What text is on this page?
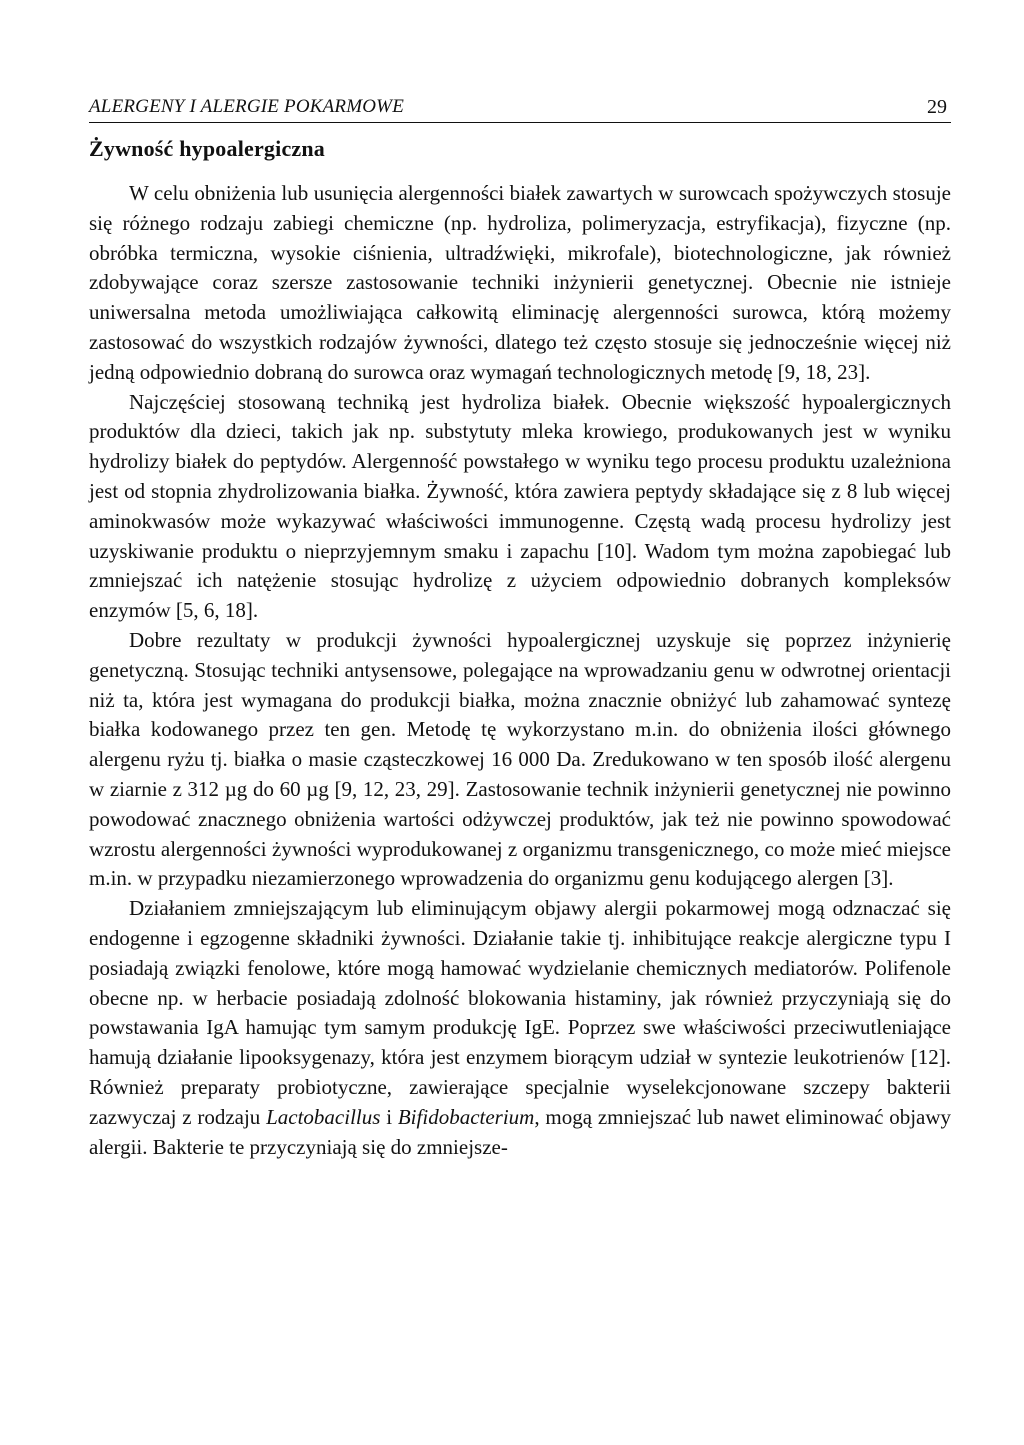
ALERGENY I ALERGIE POKARMOWE	29
Żywność hypoalergiczna

W celu obniżenia lub usunięcia alergenności białek zawartych w surowcach spożywczych stosuje się różnego rodzaju zabiegi chemiczne (np. hydroliza, polimeryzacja, estryfikacja), fizyczne (np. obróbka termiczna, wysokie ciśnienia, ultradźwięki, mikrofale), biotechnologiczne, jak również zdobywające coraz szersze zastosowanie techniki inżynierii genetycznej. Obecnie nie istnieje uniwersalna metoda umożliwiająca całkowitą eliminację alergenności surowca, którą możemy zastosować do wszystkich rodzajów żywności, dlatego też często stosuje się jednocześnie więcej niż jedną odpowiednio dobraną do surowca oraz wymagań technologicznych metodę [9, 18, 23].

Najczęściej stosowaną techniką jest hydroliza białek. Obecnie większość hypoalergicznych produktów dla dzieci, takich jak np. substytuty mleka krowiego, produkowanych jest w wyniku hydrolizy białek do peptydów. Alergenność powstałego w wyniku tego procesu produktu uzależniona jest od stopnia zhydrolizowania białka. Żywność, która zawiera peptydy składające się z 8 lub więcej aminokwasów może wykazywać właściwości immunogenne. Częstą wadą procesu hydrolizy jest uzyskiwanie produktu o nieprzyjemnym smaku i zapachu [10]. Wadom tym można zapobiegać lub zmniejszać ich natężenie stosując hydrolizę z użyciem odpowiednio dobranych kompleksów enzymów [5, 6, 18].

Dobre rezultaty w produkcji żywności hypoalergicznej uzyskuje się poprzez inżynierię genetyczną. Stosując techniki antysensowe, polegające na wprowadzaniu genu w odwrotnej orientacji niż ta, która jest wymagana do produkcji białka, można znacznie obniżyć lub zahamować syntezę białka kodowanego przez ten gen. Metodę tę wykorzystano m.in. do obniżenia ilości głównego alergenu ryżu tj. białka o masie cząsteczkowej 16 000 Da. Zredukowano w ten sposób ilość alergenu w ziarnie z 312 µg do 60 µg [9, 12, 23, 29]. Zastosowanie technik inżynierii genetycznej nie powinno powodować znacznego obniżenia wartości odżywczej produktów, jak też nie powinno spowodować wzrostu alergenności żywności wyprodukowanej z organizmu transgenicznego, co może mieć miejsce m.in. w przypadku niezamierzonego wprowadzenia do organizmu genu kodującego alergen [3].

Działaniem zmniejszającym lub eliminującym objawy alergii pokarmowej mogą odznaczać się endogenne i egzogenne składniki żywności. Działanie takie tj. inhibitujące reakcje alergiczne typu I posiadają związki fenolowe, które mogą hamować wydzielanie chemicznych mediatorów. Polifenole obecne np. w herbacie posiadają zdolność blokowania histaminy, jak również przyczyniają się do powstawania IgA hamując tym samym produkcję IgE. Poprzez swe właściwości przeciwutleniające hamują działanie lipooksygenazy, która jest enzymem biorącym udział w syntezie leukotrienów [12]. Również preparaty probiotyczne, zawierające specjalnie wyselekcjonowane szczepy bakterii zazwyczaj z rodzaju Lactobacillus i Bifidobacterium, mogą zmniejszać lub nawet eliminować objawy alergii. Bakterie te przyczyniają się do zmniejsze-
